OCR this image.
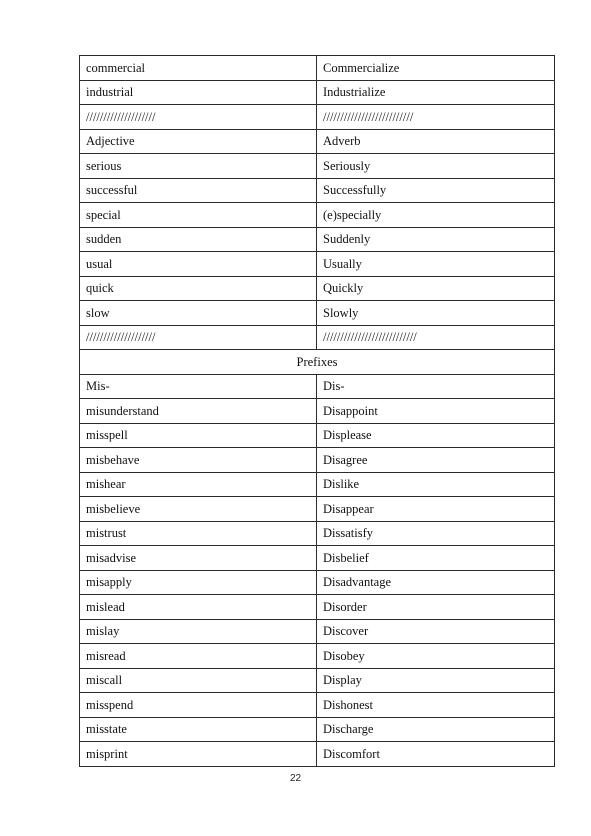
commercial	Commercialize
industrial	Industrialize
////////////////////	//////////////////////////
Adjective	Adverb
serious	Seriously
successful	Successfully
special	(e)specially
sudden	Suddenly
usual	Usually
quick	Quickly
slow	Slowly
////////////////////	///////////////////////////
Prefixes	
Mis-	Dis-
misunderstand	Disappoint
misspell	Displease
misbehave	Disagree
mishear	Dislike
misbelieve	Disappear
mistrust	Dissatisfy
misadvise	Disbelief
misapply	Disadvantage
mislead	Disorder
mislay	Discover
misread	Disobey
miscall	Display
misspend	Dishonest
misstate	Discharge
misprint	Discomfort
22
